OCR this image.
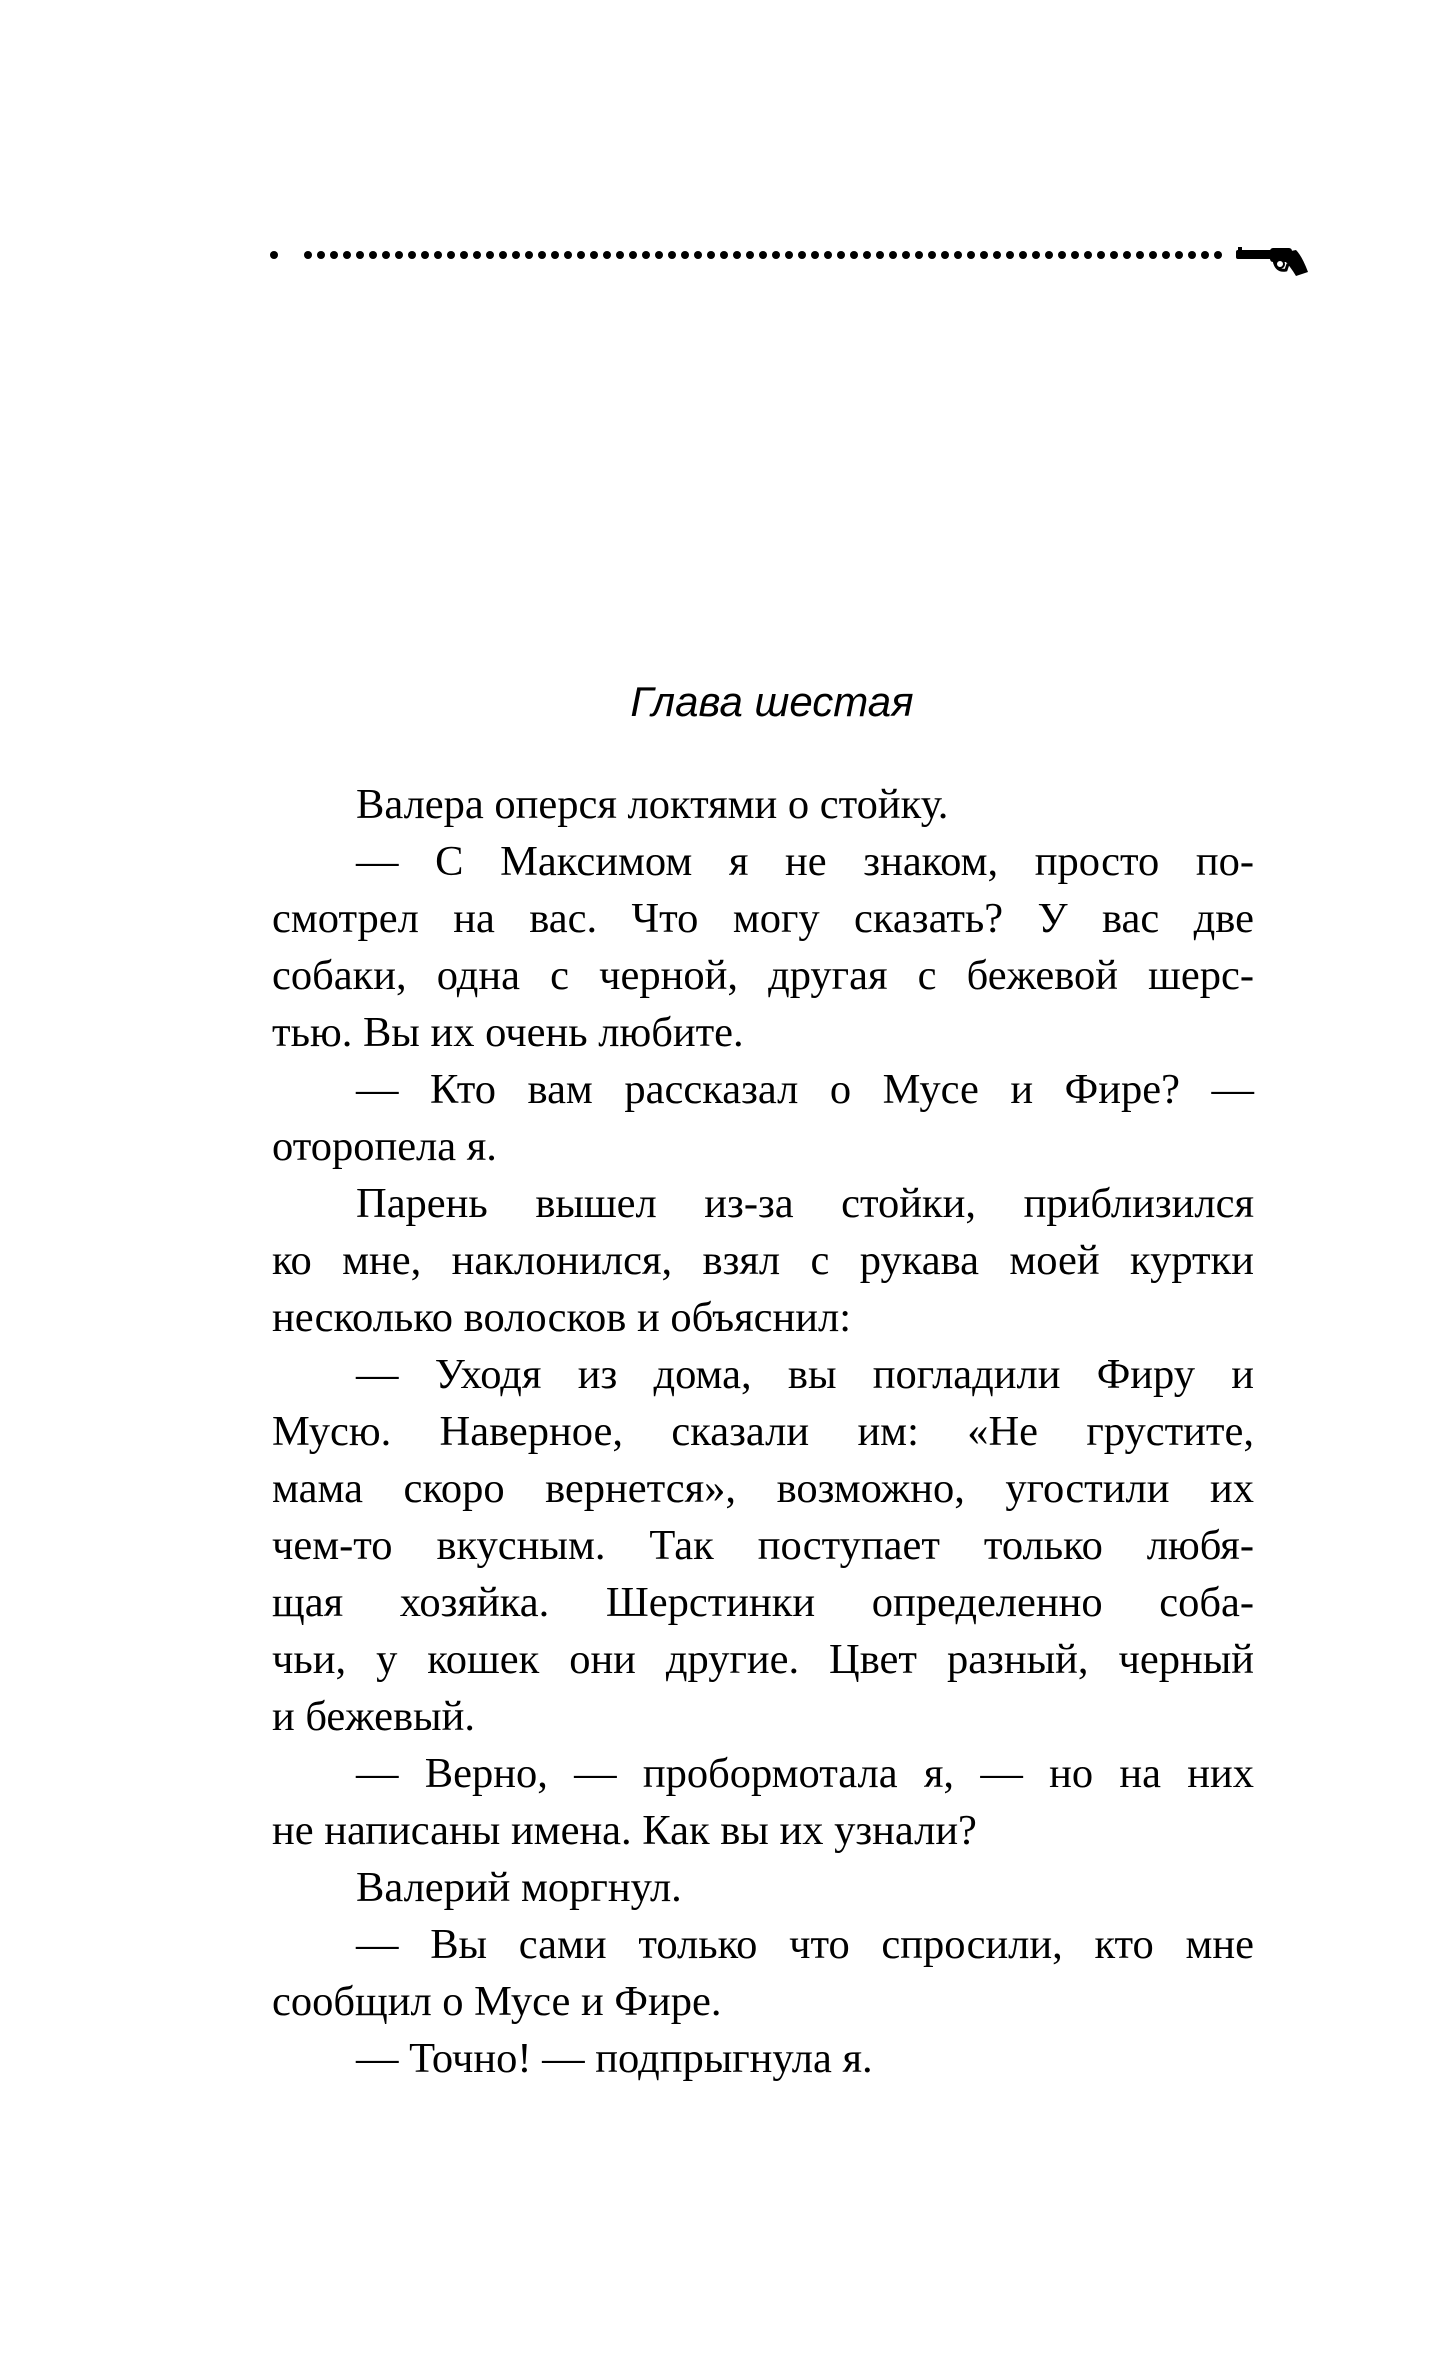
Глава шестая
Валера оперся локтями о стойку.
— С Максимом я не знаком, просто по-
смотрел на вас. Что могу сказать? У вас две
собаки, одна с черной, другая с бежевой шерс-
тью. Вы их очень любите.
— Кто вам рассказал о Мусе и Фире? —
оторопела я.
Парень вышел из-за стойки, приблизился
ко мне, наклонился, взял с рукава моей куртки
несколько волосков и объяснил:
— Уходя из дома, вы погладили Фиру и
Мусю. Наверное, сказали им: «Не грустите,
мама скоро вернется», возможно, угостили их
чем-то вкусным. Так поступает только любя-
щая хозяйка. Шерстинки определенно соба-
чьи, у кошек они другие. Цвет разный, черный
и бежевый.
— Верно, — пробормотала я, — но на них
не написаны имена. Как вы их узнали?
Валерий моргнул.
— Вы сами только что спросили, кто мне
сообщил о Мусе и Фире.
— Точно! — подпрыгнула я.
